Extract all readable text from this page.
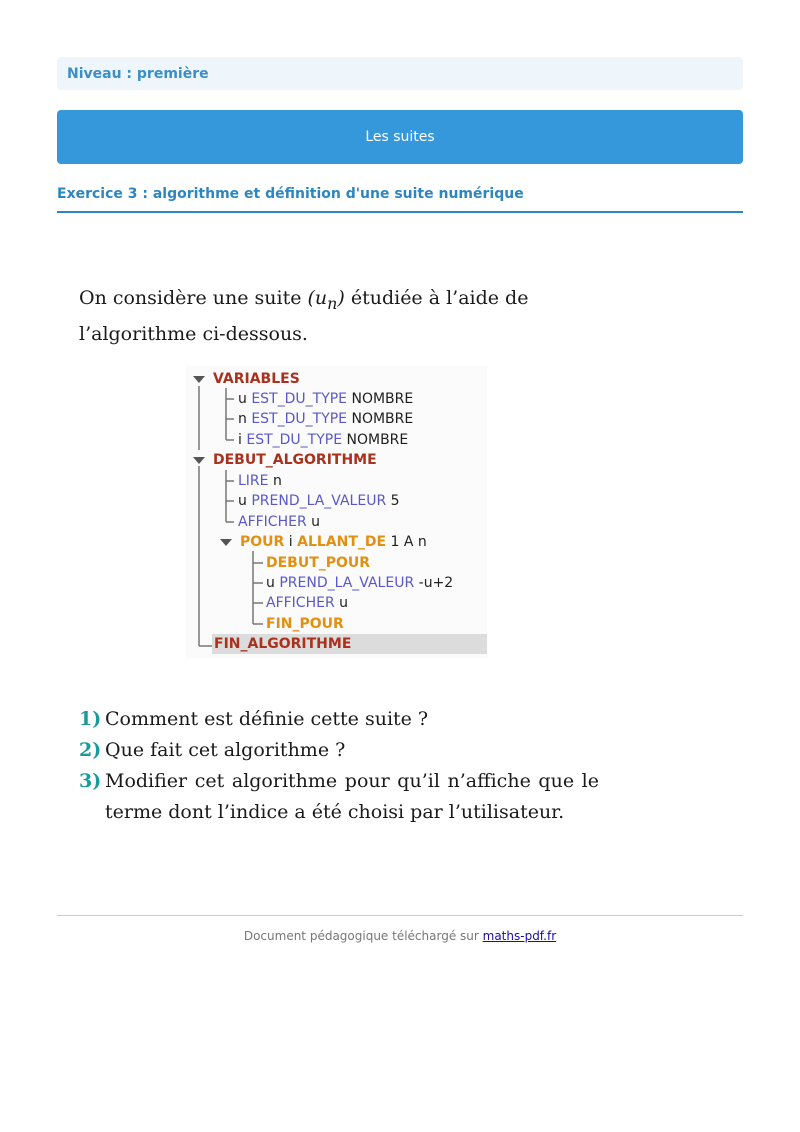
Niveau : première
Les suites
Exercice 3 : algorithme et définition d'une suite numérique

On considère une suite $(u_n)$ étudiée à l’aide de l’algorithme ci-dessous.

VARIABLES
u EST_DU_TYPE NOMBRE
n EST_DU_TYPE NOMBRE
i EST_DU_TYPE NOMBRE
DEBUT_ALGORITHME
LIRE n
u PREND_LA_VALEUR 5
AFFICHER u
POUR i ALLANT_DE 1 A n
DEBUT_POUR
u PREND_LA_VALEUR -u+2
AFFICHER u
FIN_POUR
FIN_ALGORITHME
1) Comment est définie cette suite ?
2) Que fait cet algorithme ?
3) Modifier cet algorithme pour qu’il n’affiche que le terme dont l’indice a été choisi par l’utilisateur.
Document pédagogique téléchargé sur maths-pdf.fr
